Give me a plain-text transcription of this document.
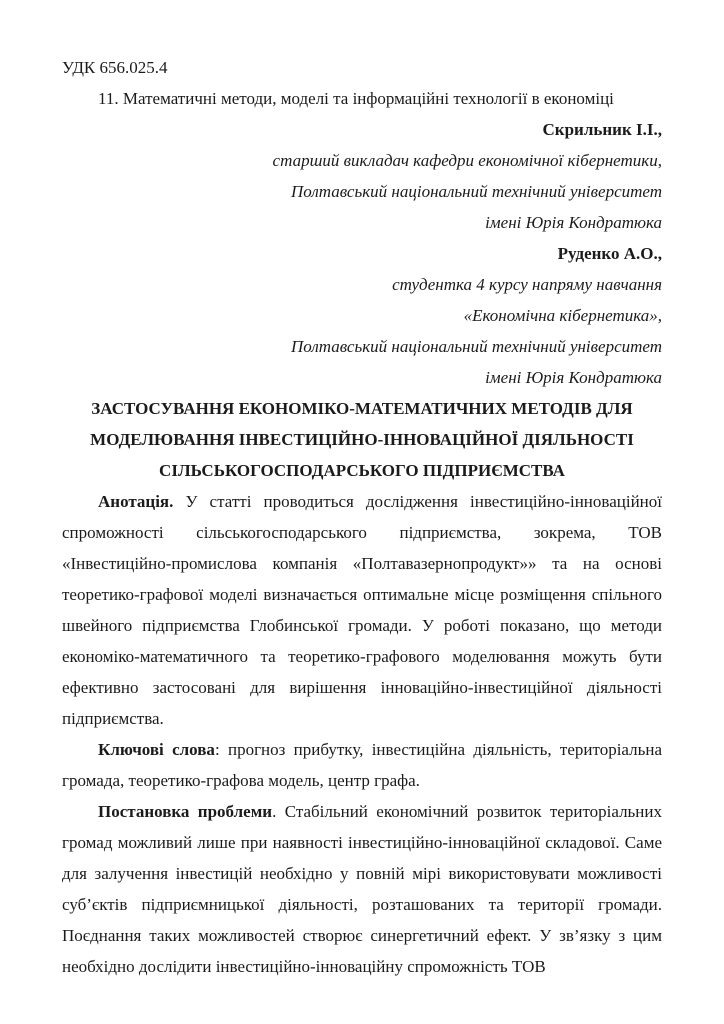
УДК 656.025.4

11. Математичні методи, моделі та інформаційні технології в економіці

Скрильник І.І.,

старший викладач кафедри економічної кібернетики,

Полтавський національний технічний університет

імені Юрія Кондратюка

Руденко А.О.,

студентка 4 курсу напряму навчання

«Економічна кібернетика»,

Полтавський національний технічний університет

імені Юрія Кондратюка

ЗАСТОСУВАННЯ ЕКОНОМІКО-МАТЕМАТИЧНИХ МЕТОДІВ ДЛЯ
МОДЕЛЮВАННЯ ІНВЕСТИЦІЙНО-ІННОВАЦІЙНОЇ ДІЯЛЬНОСТІ
СІЛЬСЬКОГОСПОДАРСЬКОГО ПІДПРИЄМСТВА

Анотація. У статті проводиться дослідження інвестиційно-інноваційної спроможності сільськогосподарського підприємства, зокрема, ТОВ «Інвестиційно-промислова компанія «Полтавазернопродукт»» та на основі теоретико-графової моделі визначається оптимальне місце розміщення спільного швейного підприємства Глобинської громади. У роботі показано, що методи економіко-математичного та теоретико-графового моделювання можуть бути ефективно застосовані для вирішення інноваційно-інвестиційної діяльності підприємства.

Ключові слова: прогноз прибутку, інвестиційна діяльність, територіальна громада, теоретико-графова модель, центр графа.

Постановка проблеми. Стабільний економічний розвиток територіальних громад можливий лише при наявності інвестиційно-інноваційної складової. Саме для залучення інвестицій необхідно у повній мірі використовувати можливості суб’єктів підприємницької діяльності, розташованих та території громади. Поєднання таких можливостей створює синергетичний ефект. У зв’язку з цим необхідно дослідити інвестиційно-інноваційну спроможність ТОВ
